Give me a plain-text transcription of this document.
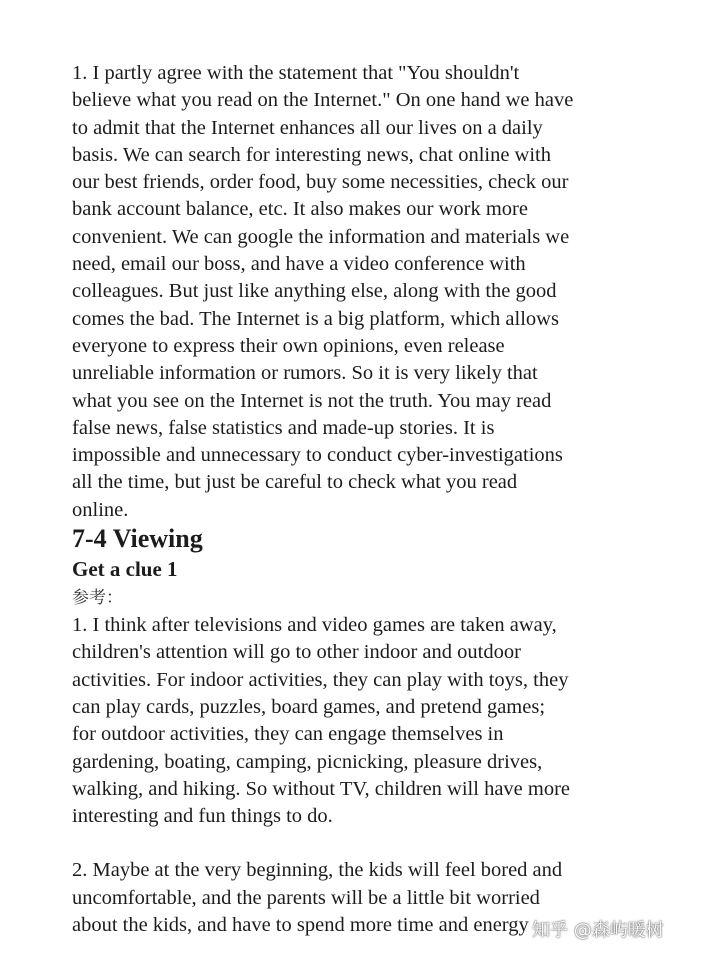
1. I partly agree with the statement that "You shouldn't

believe what you read on the Internet." On one hand we have

to admit that the Internet enhances all our lives on a daily

basis. We can search for interesting news, chat online with

our best friends, order food, buy some necessities, check our

bank account balance, etc. It also makes our work more

convenient. We can google the information and materials we

need, email our boss, and have a video conference with

colleagues. But just like anything else, along with the good

comes the bad. The Internet is a big platform, which allows

everyone to express their own opinions, even release

unreliable information or rumors. So it is very likely that

what you see on the Internet is not the truth. You may read

false news, false statistics and made-up stories. It is

impossible and unnecessary to conduct cyber-investigations

all the time, but just be careful to check what you read

online.

7-4 Viewing
Get a clue 1

参考：

1. I think after televisions and video games are taken away,

children's attention will go to other indoor and outdoor

activities. For indoor activities, they can play with toys, they

can play cards, puzzles, board games, and pretend games;

for outdoor activities, they can engage themselves in

gardening, boating, camping, picnicking, pleasure drives,

walking, and hiking. So without TV, children will have more

interesting and fun things to do.

2. Maybe at the very beginning, the kids will feel bored and

uncomfortable, and the parents will be a little bit worried

about the kids, and have to spend more time and energy 知乎 @森屿暖树
